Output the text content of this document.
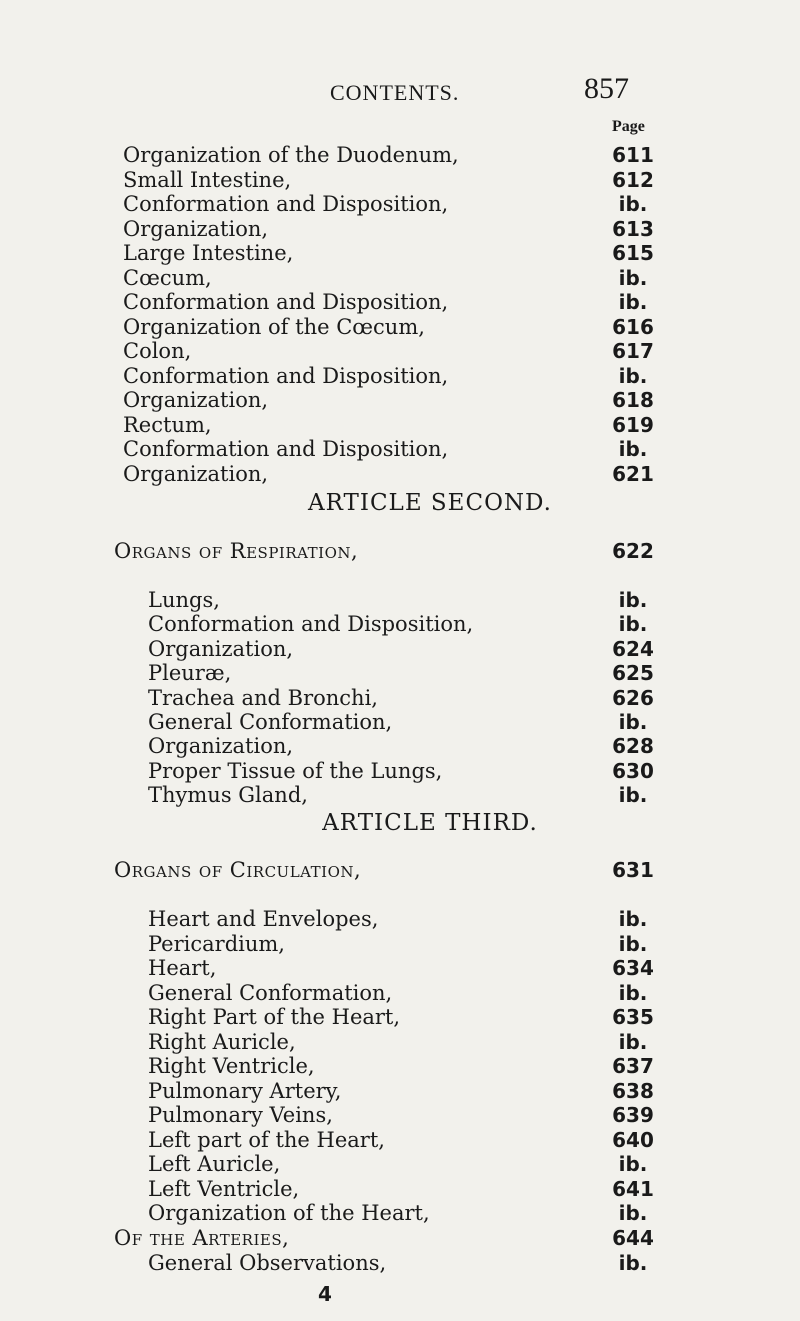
CONTENTS.	857
Page
Organization of the Duodenum,	611
Small Intestine,	612
Conformation and Disposition,	ib.
Organization,	613
Large Intestine,	615
Cœcum,	ib.
Conformation and Disposition,	ib.
Organization of the Cœcum,	616
Colon,	617
Conformation and Disposition,	ib.
Organization,	618
Rectum,	619
Conformation and Disposition,	ib.
Organization,	621
ARTICLE SECOND.
Organs of Respiration,	622
Lungs,	ib.
Conformation and Disposition,	ib.
Organization,	624
Pleuræ,	625
Trachea and Bronchi,	626
General Conformation,	ib.
Organization,	628
Proper Tissue of the Lungs,	630
Thymus Gland,	ib.
ARTICLE THIRD.
Organs of Circulation,	631
Heart and Envelopes,	ib.
Pericardium,	ib.
Heart,	634
General Conformation,	ib.
Right Part of the Heart,	635
Right Auricle,	ib.
Right Ventricle,	637
Pulmonary Artery,	638
Pulmonary Veins,	639
Left part of the Heart,	640
Left Auricle,	ib.
Left Ventricle,	641
Organization of the Heart,	ib.
Of the Arteries,	644
General Observations,	ib.
4
